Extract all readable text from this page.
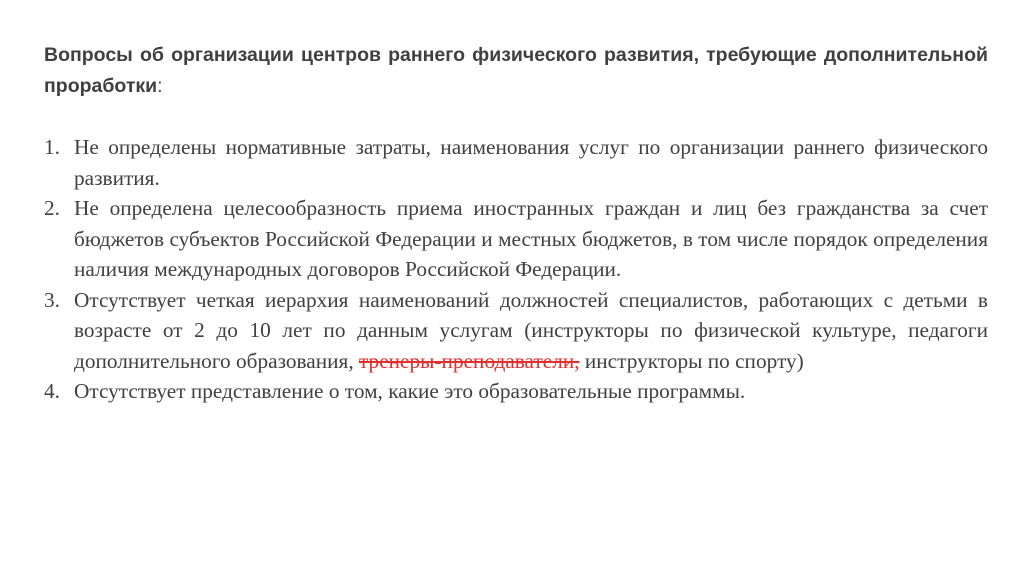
Вопросы об организации центров раннего физического развития, требующие дополнительной проработки:

1. Не определены нормативные затраты, наименования услуг по организации раннего физического развития.
2. Не определена целесообразность приема иностранных граждан и лиц без гражданства за счет бюджетов субъектов Российской Федерации и местных бюджетов, в том числе порядок определения наличия международных договоров Российской Федерации.
3. Отсутствует четкая иерархия наименований должностей специалистов, работающих с детьми в возрасте от 2 до 10 лет по данным услугам (инструкторы по физической культуре, педагоги дополнительного образования, тренеры-преподаватели, инструкторы по спорту)
4. Отсутствует представление о том, какие это образовательные программы.
